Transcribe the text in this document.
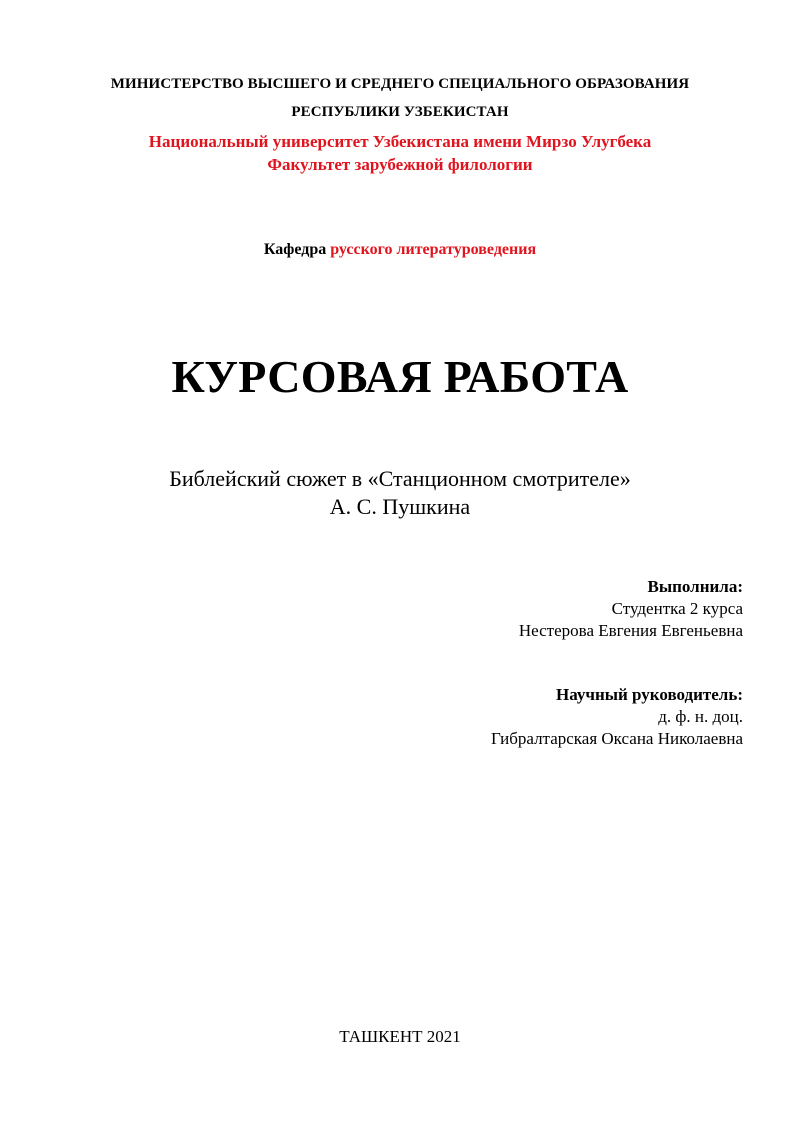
МИНИСТЕРСТВО ВЫСШЕГО И СРЕДНЕГО СПЕЦИАЛЬНОГО ОБРАЗОВАНИЯ
РЕСПУБЛИКИ УЗБЕКИСТАН
Национальный университет Узбекистана имени Мирзо Улугбека
Факультет зарубежной филологии
Кафедра русского литературоведения
КУРСОВАЯ РАБОТА
Библейский сюжет в «Станционном смотрителе»
А. С. Пушкина
Выполнила:
Студентка 2 курса
Нестерова Евгения Евгеньевна
Научный руководитель:
д. ф. н. доц.
Гибралтарская Оксана Николаевна
ТАШКЕНТ 2021
